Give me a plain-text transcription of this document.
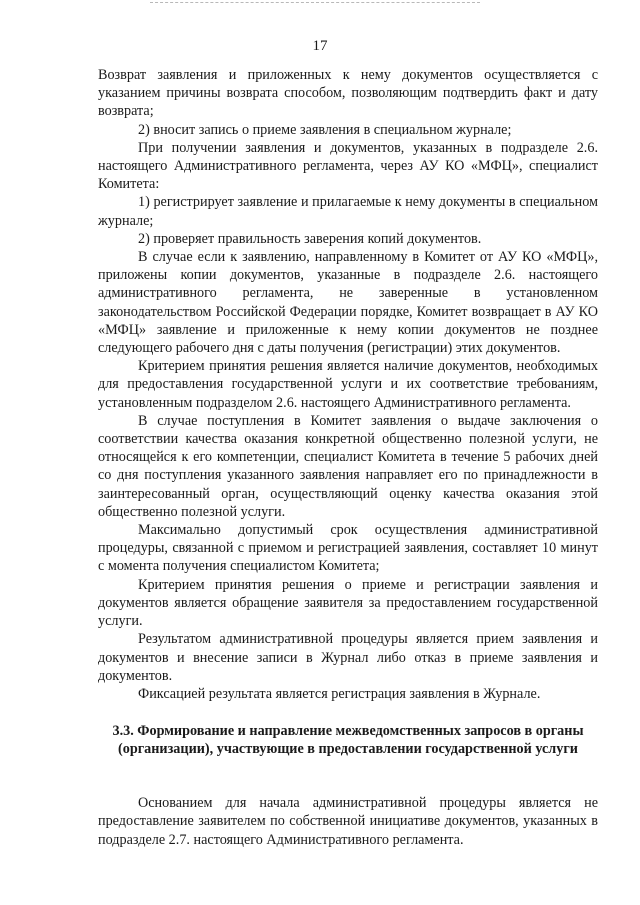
17

Возврат заявления и приложенных к нему документов осуществляется с указанием причины возврата способом, позволяющим подтвердить факт и дату возврата;

2) вносит запись о приеме заявления в специальном журнале;

При получении заявления и документов, указанных в подразделе 2.6. настоящего Административного регламента, через АУ КО «МФЦ», специалист Комитета:

1) регистрирует заявление и прилагаемые к нему документы в специальном журнале;

2) проверяет правильность заверения копий документов.

В случае если к заявлению, направленному в Комитет от АУ КО «МФЦ», приложены копии документов, указанные в подразделе 2.6. настоящего административного регламента, не заверенные в установленном законодательством Российской Федерации порядке, Комитет возвращает в АУ КО «МФЦ» заявление и приложенные к нему копии документов не позднее следующего рабочего дня с даты получения (регистрации) этих документов.

Критерием принятия решения является наличие документов, необходимых для предоставления государственной услуги и их соответствие требованиям, установленным подразделом 2.6. настоящего Административного регламента.

В случае поступления в Комитет заявления о выдаче заключения о соответствии качества оказания конкретной общественно полезной услуги, не относящейся к его компетенции, специалист Комитета в течение 5 рабочих дней со дня поступления указанного заявления направляет его по принадлежности в заинтересованный орган, осуществляющий оценку качества оказания этой общественно полезной услуги.

Максимально допустимый срок осуществления административной процедуры, связанной с приемом и регистрацией заявления, составляет 10 минут с момента получения специалистом Комитета;

Критерием принятия решения о приеме и регистрации заявления и документов является обращение заявителя за предоставлением государственной услуги.

Результатом административной процедуры является прием заявления и документов и внесение записи в Журнал либо отказ в приеме заявления и документов.

Фиксацией результата является регистрация заявления в Журнале.

3.3. Формирование и направление межведомственных запросов в органы (организации), участвующие в предоставлении государственной услуги

Основанием для начала административной процедуры является не предоставление заявителем по собственной инициативе документов, указанных в подразделе 2.7. настоящего Административного регламента.
